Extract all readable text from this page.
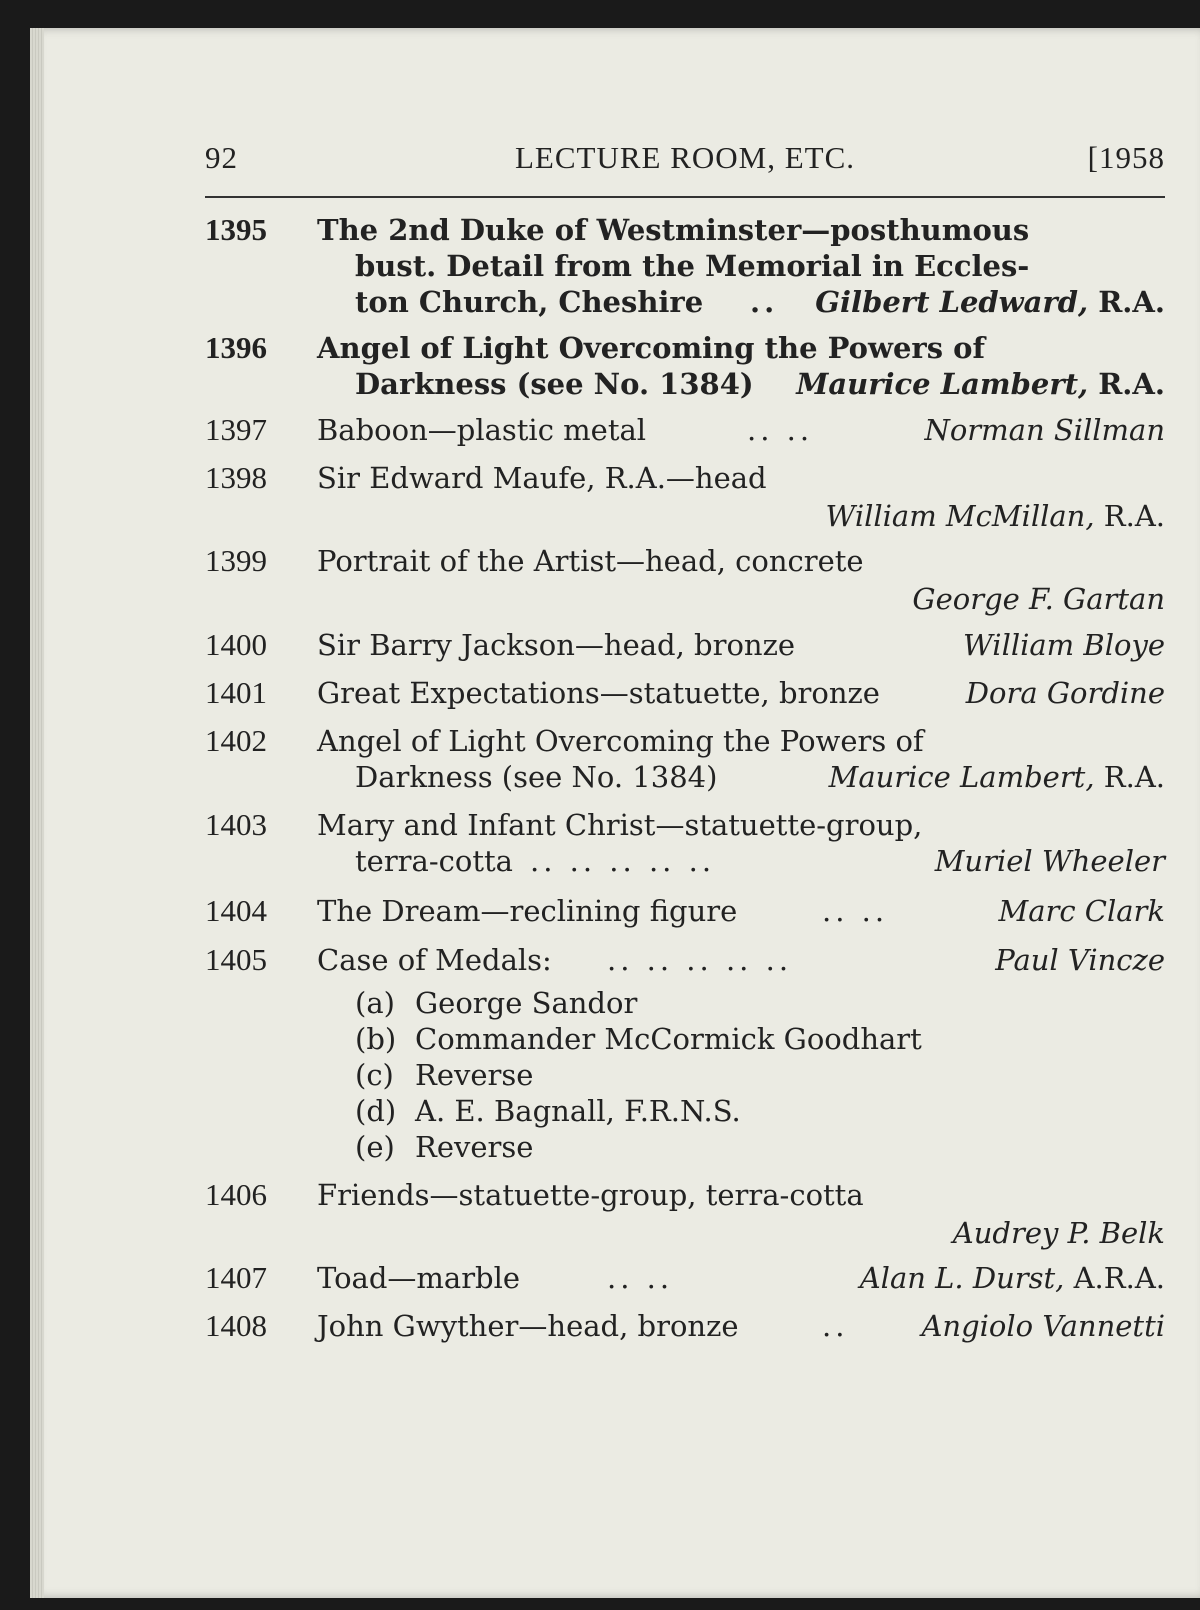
92	LECTURE ROOM, ETC.	[1958
1395 The 2nd Duke of Westminster—posthumous
bust. Detail from the Memorial in Eccles-
ton Church, Cheshire .. Gilbert Ledward, R.A.
1396 Angel of Light Overcoming the Powers of
Darkness (see No. 1384) Maurice Lambert, R.A.
1397 Baboon—plastic metal	.. ..	Norman Sillman
1398 Sir Edward Maufe, R.A.—head
William McMillan, R.A.
1399 Portrait of the Artist—head, concrete
George F. Gartan
1400 Sir Barry Jackson—head, bronze	William Bloye
1401 Great Expectations—statuette, bronze	Dora Gordine
1402 Angel of Light Overcoming the Powers of
Darkness (see No. 1384)	Maurice Lambert, R.A.
1403 Mary and Infant Christ—statuette-group,
terra-cotta .. .. .. .. ..	Muriel Wheeler
1404 The Dream—reclining figure	.. ..	Marc Clark
1405 Case of Medals: .. .. .. .. ..	Paul Vincze
(a) George Sandor
(b) Commander McCormick Goodhart
(c) Reverse
(d) A. E. Bagnall, F.R.N.S.
(e) Reverse
1406 Friends—statuette-group, terra-cotta
Audrey P. Belk
1407 Toad—marble	.. ..	Alan L. Durst, A.R.A.
1408 John Gwyther—head, bronze	..	Angiolo Vannetti
